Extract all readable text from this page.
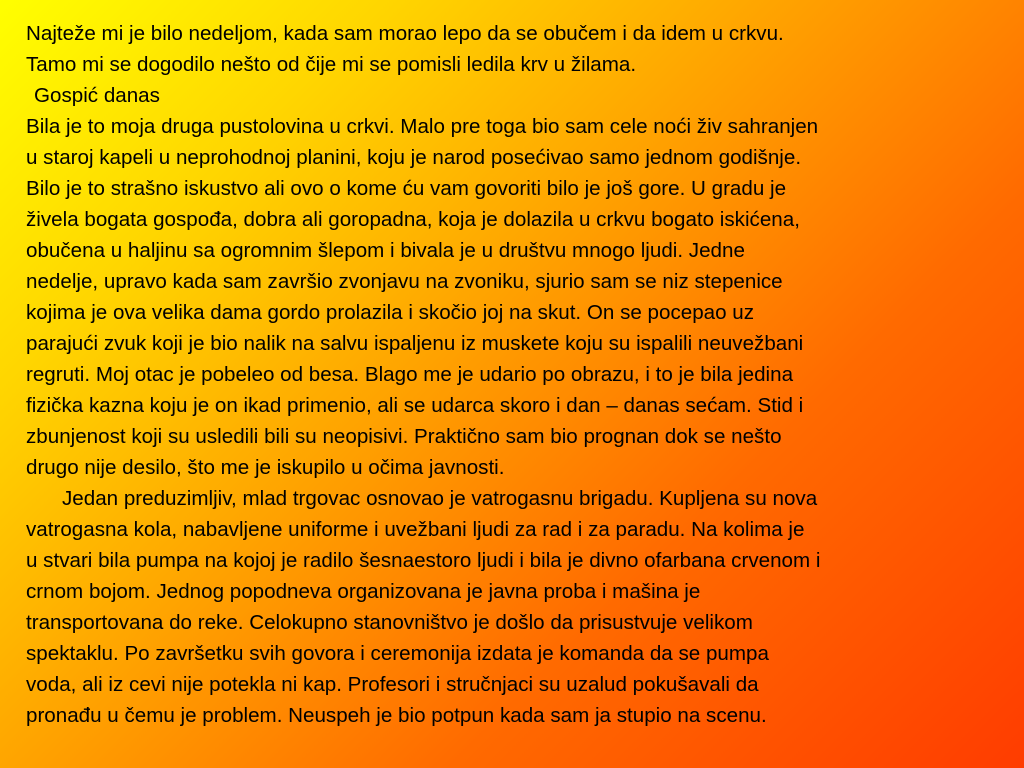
Najteže mi je bilo nedeljom, kada sam morao lepo da se obučem i da idem u crkvu.
Tamo mi se dogodilo nešto od čije mi se pomisli ledila krv u žilama.
Gospić danas
Bila je to moja druga pustolovina u crkvi. Malo pre toga bio sam cele noći živ sahranjen
u staroj kapeli u neprohodnoj planini, koju je narod posećivao samo jednom godišnje.
Bilo je to strašno iskustvo ali ovo o kome ću vam govoriti bilo je još gore. U gradu je
živela bogata gospođa, dobra ali goropadna, koja je dolazila u crkvu bogato iskićena,
obučena u haljinu sa ogromnim šlepom i bivala je u društvu mnogo ljudi. Jedne
nedelje, upravo kada sam završio zvonjavu na zvoniku, sjurio sam se niz stepenice
kojima je ova velika dama gordo prolazila i skočio joj na skut. On se pocepao uz
parajući zvuk koji je bio nalik na salvu ispaljenu iz muskete koju su ispalili neuvežbani
regruti. Moj otac je pobeleo od besa. Blago me je udario po obrazu, i to je bila jedina
fizička kazna koju je on ikad primenio, ali se udarca skoro i dan – danas sećam. Stid i
zbunjenost koji su usledili bili su neopisivi. Praktično sam bio prognan dok se nešto
drugo nije desilo, što me je iskupilo u očima javnosti.
Jedan preduzimljiv, mlad trgovac osnovao je vatrogasnu brigadu. Kupljena su nova
vatrogasna kola, nabavljene uniforme i uvežbani ljudi za rad i za paradu. Na kolima je
u stvari bila pumpa na kojoj je radilo šesnaestoro ljudi i bila je divno ofarbana crvenom i
crnom bojom. Jednog popodneva organizovana je javna proba i mašina je
transportovana do reke. Celokupno stanovništvo je došlo da prisustvuje velikom
spektaklu. Po završetku svih govora i ceremonija izdata je komanda da se pumpa
voda, ali iz cevi nije potekla ni kap. Profesori i stručnjaci su uzalud pokušavali da
pronađu u čemu je problem. Neuspeh je bio potpun kada sam ja stupio na scenu.
